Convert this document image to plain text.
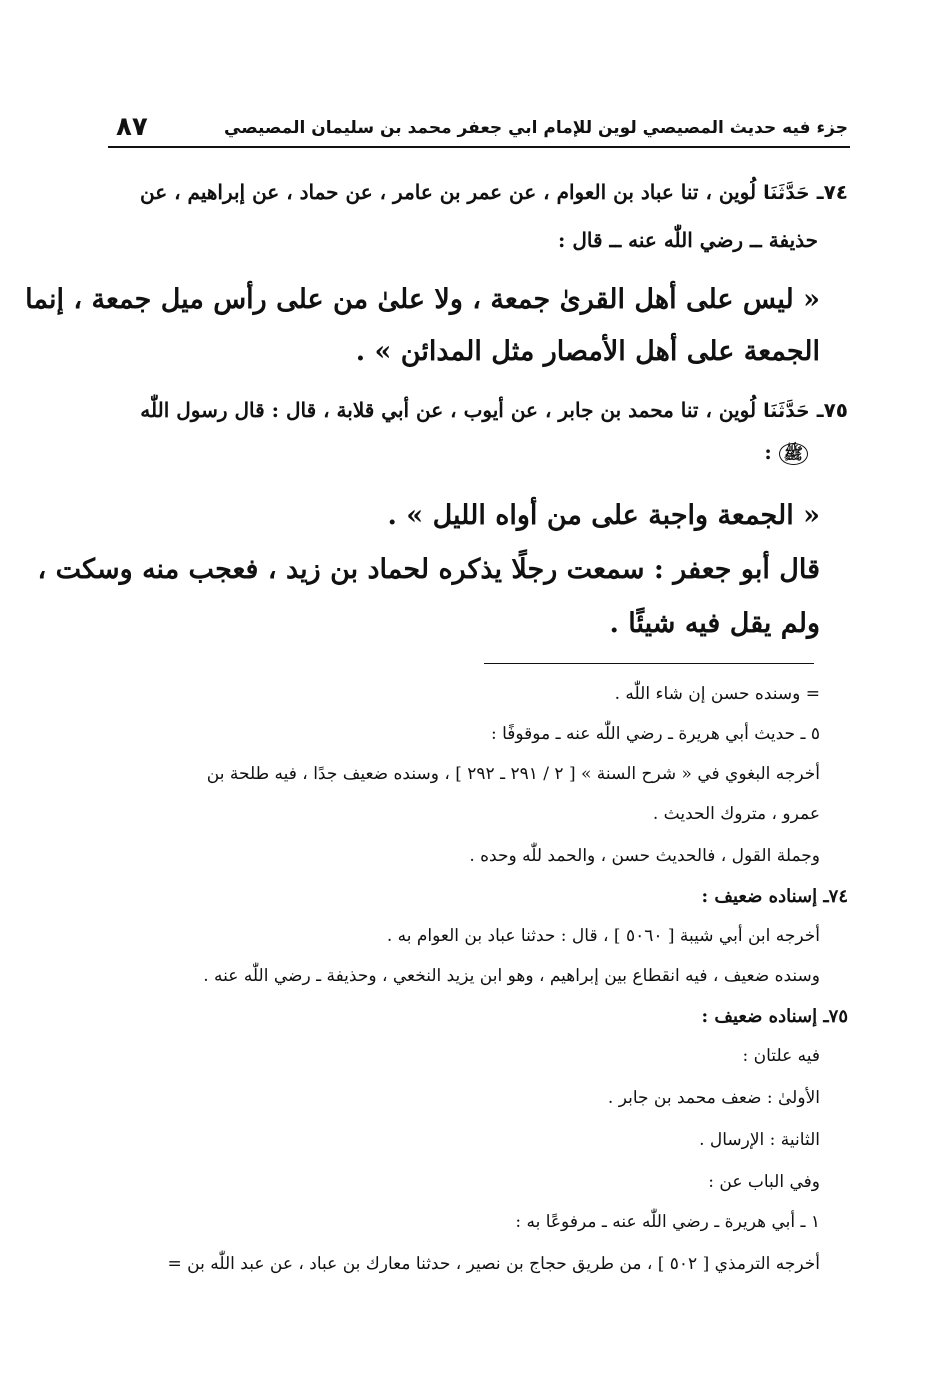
جزء فيه حديث المصيصي لوين للإمام ابي جعفر محمد بن سليمان المصيصي
٨٧
٧٤ـ حَدَّثَنَا لُوين ، تنا عباد بن العوام ، عن عمر بن عامر ، عن حماد ، عن إبراهيم ، عن
حذيفة ــ رضي اللّٰه عنه ــ قال :
« ليس على أهل القرىٰ جمعة ، ولا علىٰ من على رأس ميل جمعة ، إنما
الجمعة على أهل الأمصار مثل المدائن » .
٧٥ـ حَدَّثَنَا لُوين ، تنا محمد بن جابر ، عن أيوب ، عن أبي قلابة ، قال : قال رسول اللّٰه
ﷺ :
« الجمعة واجبة على من أواه الليل » .
قال أبو جعفر : سمعت رجلًا يذكره لحماد بن زيد ، فعجب منه وسكت ،
ولم يقل فيه شيئًا .
= وسنده حسن إن شاء اللّٰه .
٥ ـ حديث أبي هريرة ـ رضي اللّٰه عنه ـ موقوفًا :
أخرجه البغوي في « شرح السنة » [ ٢ / ٢٩١ ـ ٢٩٢ ] ، وسنده ضعيف جدًا ، فيه طلحة بن
عمرو ، متروك الحديث .
وجملة القول ، فالحديث حسن ، والحمد للّٰه وحده .
٧٤ـ إسناده ضعيف :
أخرجه ابن أبي شيبة [ ٥٠٦٠ ] ، قال : حدثنا عباد بن العوام به .
وسنده ضعيف ، فيه انقطاع بين إبراهيم ، وهو ابن يزيد النخعي ، وحذيفة ـ رضي اللّٰه عنه .
٧٥ـ إسناده ضعيف :
فيه علتان :
الأولىٰ : ضعف محمد بن جابر .
الثانية : الإرسال .
وفي الباب عن :
١ ـ أبي هريرة ـ رضي اللّٰه عنه ـ مرفوعًا به :
أخرجه الترمذي [ ٥٠٢ ] ، من طريق حجاج بن نصير ، حدثنا معارك بن عباد ، عن عبد اللّٰه بن =
